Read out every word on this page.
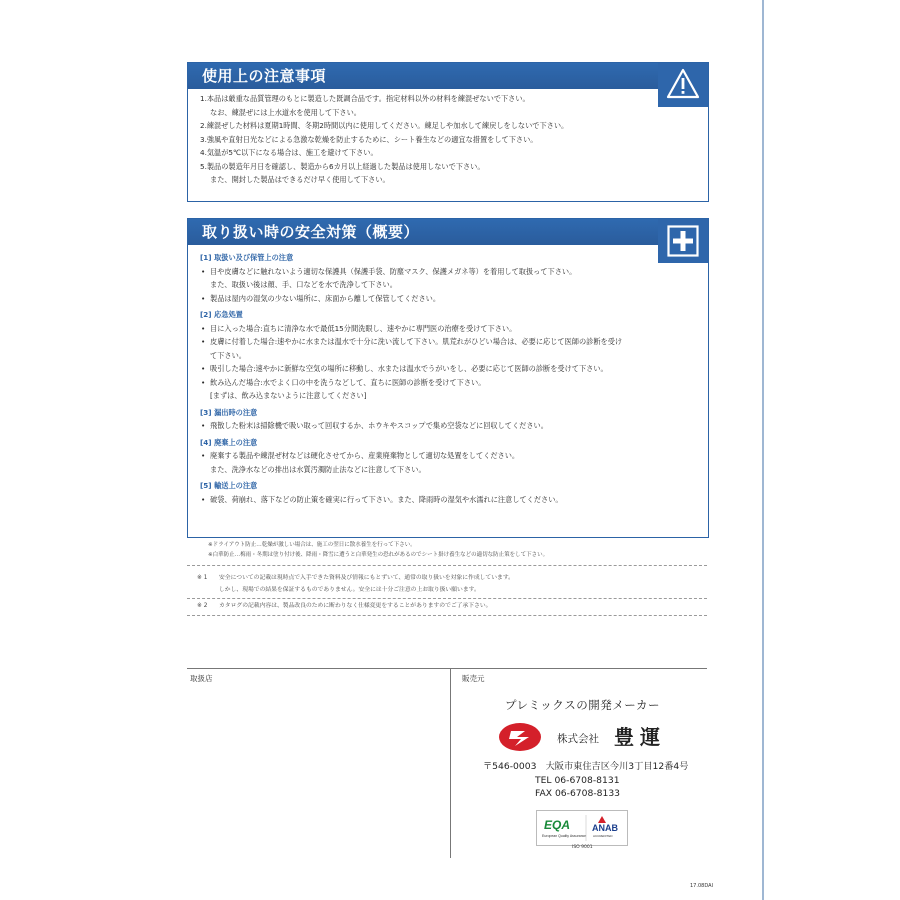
使用上の注意事項

1.本品は厳重な品質管理のもとに製造した既調合品です。指定材料以外の材料を練混ぜないで下さい。

なお、練混ぜには上水道水を使用して下さい。

2.練混ぜした材料は夏期1時間、冬期2時間以内に使用してください。練足しや加水して練戻しをしないで下さい。

3.強風や直射日光などによる急激な乾燥を防止するために、シート養生などの適宜な措置をして下さい。

4.気温が5℃以下になる場合は、施工を避けて下さい。

5.製品の製造年月日を確認し、製造から6カ月以上経過した製品は使用しないで下さい。

また、開封した製品はできるだけ早く使用して下さい。

取り扱い時の安全対策（概要）

[1] 取扱い及び保管上の注意

• 目や皮膚などに触れないよう適切な保護具（保護手袋、防塵マスク、保護メガネ等）を着用して取扱って下さい。

また、取扱い後は顔、手、口などを水で洗浄して下さい。

• 製品は屋内の湿気の少ない場所に、床面から離して保管してください。

[2] 応急処置

• 目に入った場合:直ちに清浄な水で最低15分間洗眼し、速やかに専門医の治療を受けて下さい。

• 皮膚に付着した場合:速やかに水または温水で十分に洗い流して下さい。肌荒れがひどい場合は、必要に応じて医師の診断を受け

て下さい。

• 吸引した場合:速やかに新鮮な空気の場所に移動し、水または温水でうがいをし、必要に応じて医師の診断を受けて下さい。

• 飲み込んだ場合:水でよく口の中を洗うなどして、直ちに医師の診断を受けて下さい。

[まずは、飲み込まないように注意してください]

[3] 漏出時の注意

• 飛散した粉末は掃除機で吸い取って回収するか、ホウキやスコップで集め空袋などに回収してください。

[4] 廃棄上の注意

• 廃棄する製品や練混ぜ材などは硬化させてから、産業廃棄物として適切な処置をしてください。

また、洗浄水などの排出は水質汚濁防止法などに注意して下さい。

[5] 輸送上の注意

• 破袋、荷崩れ、落下などの防止策を確実に行って下さい。また、降雨時の湿気や水濡れに注意してください。

※ドライアウト防止…乾燥が激しい場合は、施工の翌日に散水養生を行って下さい。
※白華防止…梅雨・冬期は塗り付け後、降雨・降雪に遭うと白華発生の恐れがあるのでシート掛け養生などの適切な防止策をして下さい。
※ 1 安全についての記載は現時点で入手できた資料及び情報にもとずいて、通常の取り扱いを対象に作成しています。
しかし、現場での結果を保証するものでありません。安全には十分ご注意の上お取り扱い願います。
※ 2 カタログの記載内容は、製品改良のために断わりなく仕様変更をすることがありますのでご了承下さい。
取扱店	販売元
プレミックスの開発メーカー
株式会社 豊運
〒546-0003　大阪市東住吉区今川3丁目12番4号
TEL 06-6708-8131
FAX 06-6708-8133
EQA
European Quality Assurance
ANAB
ACCREDITED
ISO 9001
17.08DAI
